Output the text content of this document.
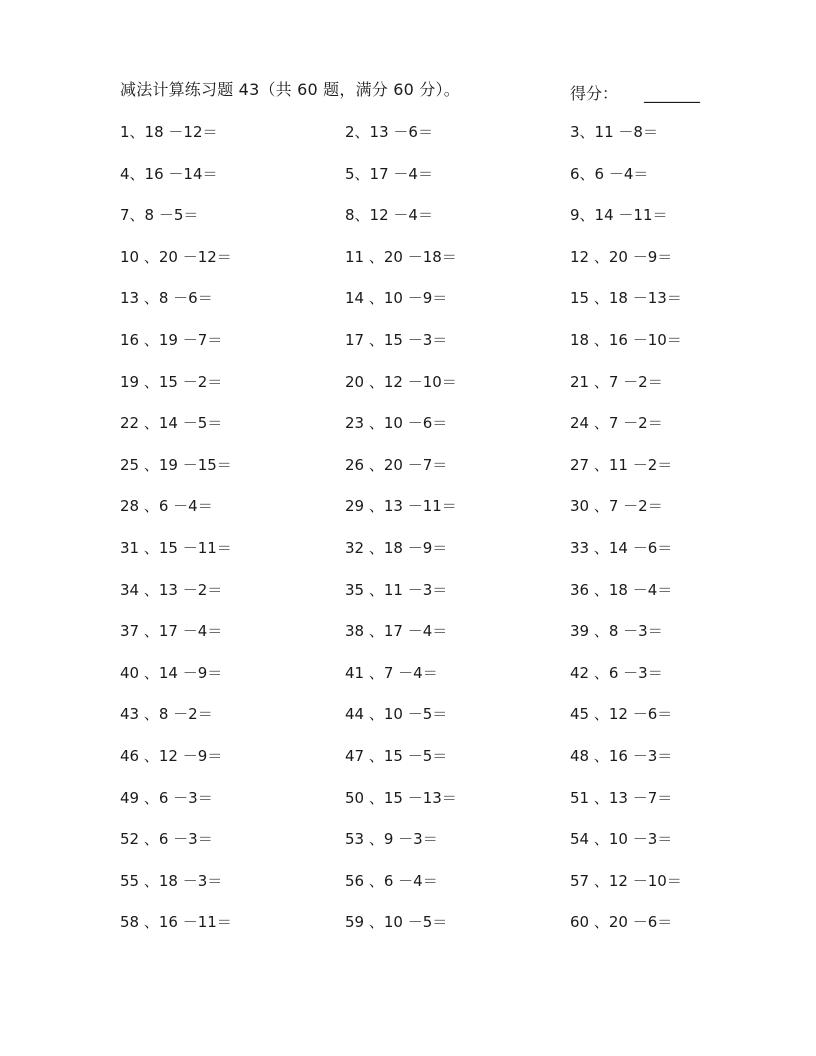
减法计算练习题 43（共 60 题，满分 60 分）。	得分： _______
1、18 －12＝	2、13 －6＝	3、11 －8＝
4、16 －14＝	5、17 －4＝	6、6 －4＝
7、8 －5＝	8、12 －4＝	9、14 －11＝
10 、20 －12＝	11 、20 －18＝	12 、20 －9＝
13 、8 －6＝	14 、10 －9＝	15 、18 －13＝
16 、19 －7＝	17 、15 －3＝	18 、16 －10＝
19 、15 －2＝	20 、12 －10＝	21 、7 －2＝
22 、14 －5＝	23 、10 －6＝	24 、7 －2＝
25 、19 －15＝	26 、20 －7＝	27 、11 －2＝
28 、6 －4＝	29 、13 －11＝	30 、7 －2＝
31 、15 －11＝	32 、18 －9＝	33 、14 －6＝
34 、13 －2＝	35 、11 －3＝	36 、18 －4＝
37 、17 －4＝	38 、17 －4＝	39 、8 －3＝
40 、14 －9＝	41 、7 －4＝	42 、6 －3＝
43 、8 －2＝	44 、10 －5＝	45 、12 －6＝
46 、12 －9＝	47 、15 －5＝	48 、16 －3＝
49 、6 －3＝	50 、15 －13＝	51 、13 －7＝
52 、6 －3＝	53 、9 －3＝	54 、10 －3＝
55 、18 －3＝	56 、6 －4＝	57 、12 －10＝
58 、16 －11＝	59 、10 －5＝	60 、20 －6＝
